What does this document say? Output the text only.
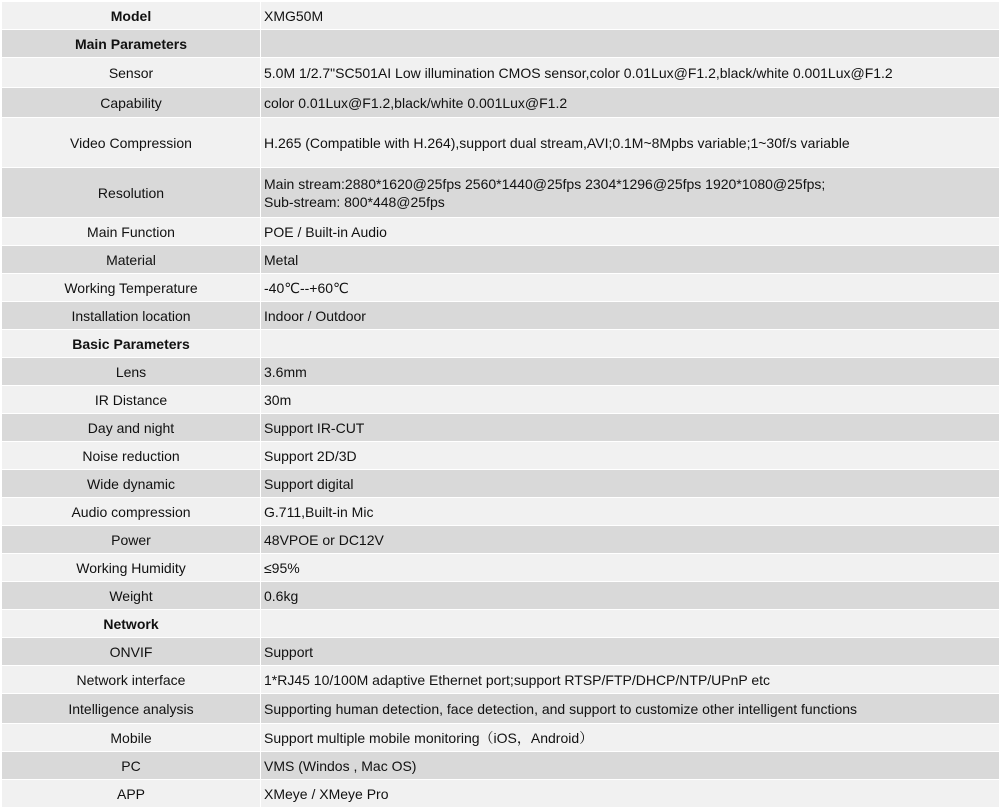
Model	XMG50M
Main Parameters	
Sensor	5.0M 1/2.7"SC501AI Low illumination CMOS sensor,color 0.01Lux@F1.2,black/white 0.001Lux@F1.2
Capability	color 0.01Lux@F1.2,black/white 0.001Lux@F1.2
Video Compression	H.265 (Compatible with H.264),support dual stream,AVI;0.1M~8Mpbs variable;1~30f/s variable
Resolution	Main stream:2880*1620@25fps 2560*1440@25fps 2304*1296@25fps 1920*1080@25fps;
Sub-stream: 800*448@25fps

Main Function	POE / Built-in Audio
Material	Metal
Working Temperature	-40℃--+60℃
Installation location	Indoor / Outdoor
Basic Parameters	
Lens	3.6mm
IR Distance	30m
Day and night	Support IR-CUT
Noise reduction	Support 2D/3D
Wide dynamic	Support digital
Audio compression	G.711,Built-in Mic
Power	48VPOE or DC12V
Working Humidity	≤95%
Weight	0.6kg
Network	
ONVIF	Support
Network interface	1*RJ45 10/100M adaptive Ethernet port;support RTSP/FTP/DHCP/NTP/UPnP etc
Intelligence analysis	Supporting human detection, face detection, and support to customize other intelligent functions
Mobile	Support multiple mobile monitoring（iOS，Android）
PC	VMS (Windos , Mac OS)
APP	XMeye / XMeye Pro
